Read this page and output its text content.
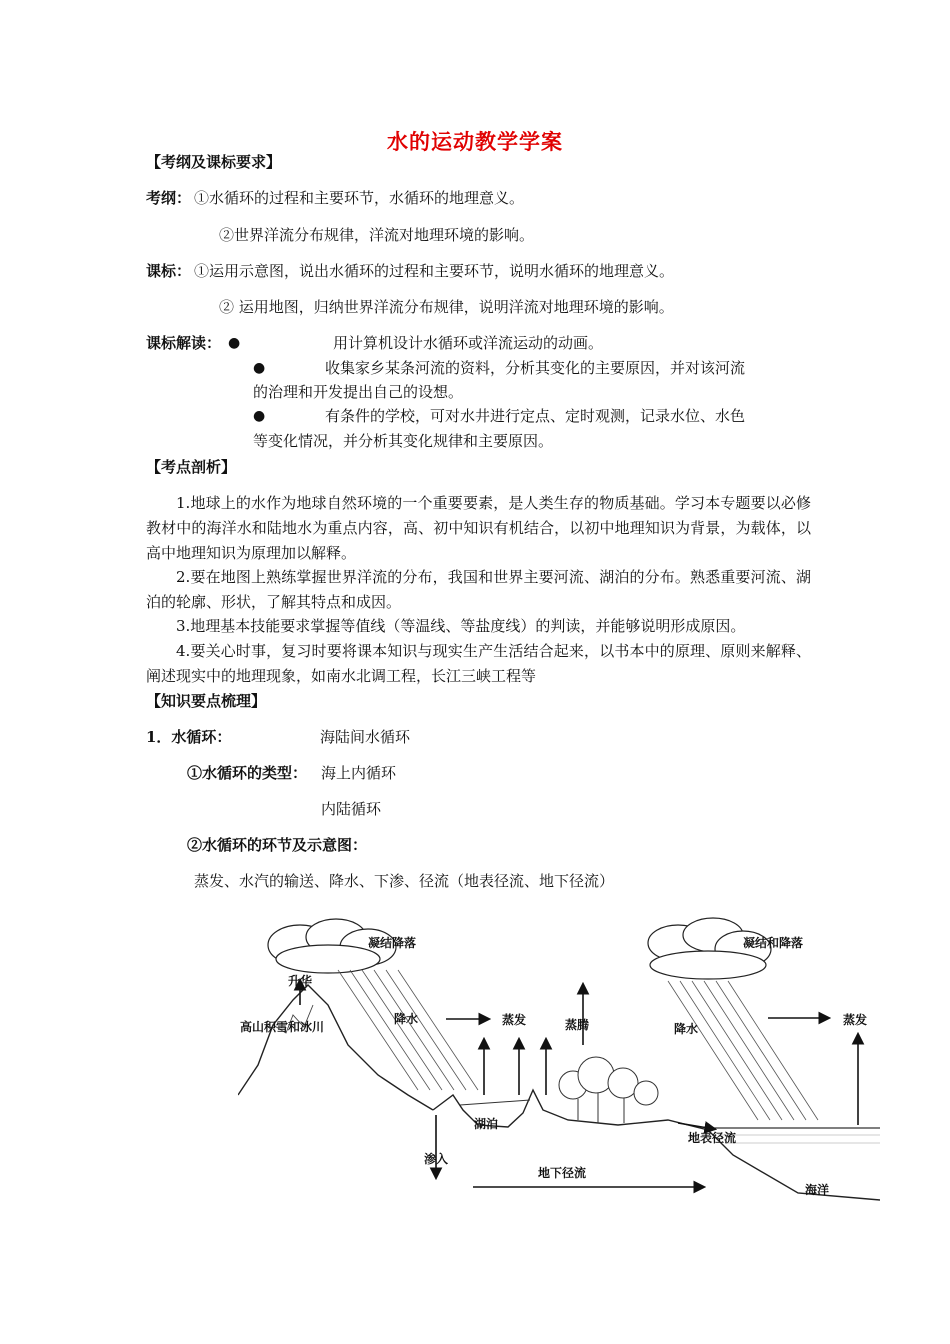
水的运动教学学案
【考纲及课标要求】
考纲： ①水循环的过程和主要环节，水循环的地理意义。
②世界洋流分布规律，洋流对地理环境的影响。
课标： ①运用示意图，说出水循环的过程和主要环节，说明水循环的地理意义。
② 运用地图，归纳世界洋流分布规律，说明洋流对地理环境的影响。
课标解读： ●	用计算机设计水循环或洋流运动的动画。
●	收集家乡某条河流的资料，分析其变化的主要原因，并对该河流
的治理和开发提出自己的设想。
●	有条件的学校，可对水井进行定点、定时观测，记录水位、水色
等变化情况，并分析其变化规律和主要原因。
【考点剖析】
1.地球上的水作为地球自然环境的一个重要要素，是人类生存的物质基础。学习本专题要以必修教材中的海洋水和陆地水为重点内容，高、初中知识有机结合，以初中地理知识为背景，为载体，以高中地理知识为原理加以解释。
2.要在地图上熟练掌握世界洋流的分布，我国和世界主要河流、湖泊的分布。熟悉重要河流、湖泊的轮廓、形状，了解其特点和成因。
3.地理基本技能要求掌握等值线（等温线、等盐度线）的判读，并能够说明形成原因。
4.要关心时事，复习时要将课本知识与现实生产生活结合起来，以书本中的原理、原则来解释、阐述现实中的地理现象，如南水北调工程，长江三峡工程等
【知识要点梳理】
1．水循环：	海陆间水循环
①水循环的类型： 海上内循环
内陆循环
②水循环的环节及示意图：
蒸发、水汽的输送、降水、下渗、径流（地表径流、地下径流）
凝结降落	凝结和降落
升华
高山积雪和冰川
降水
降水
蒸发	蒸发
蒸腾
湖泊
地表径流
渗入
地下径流
海洋
